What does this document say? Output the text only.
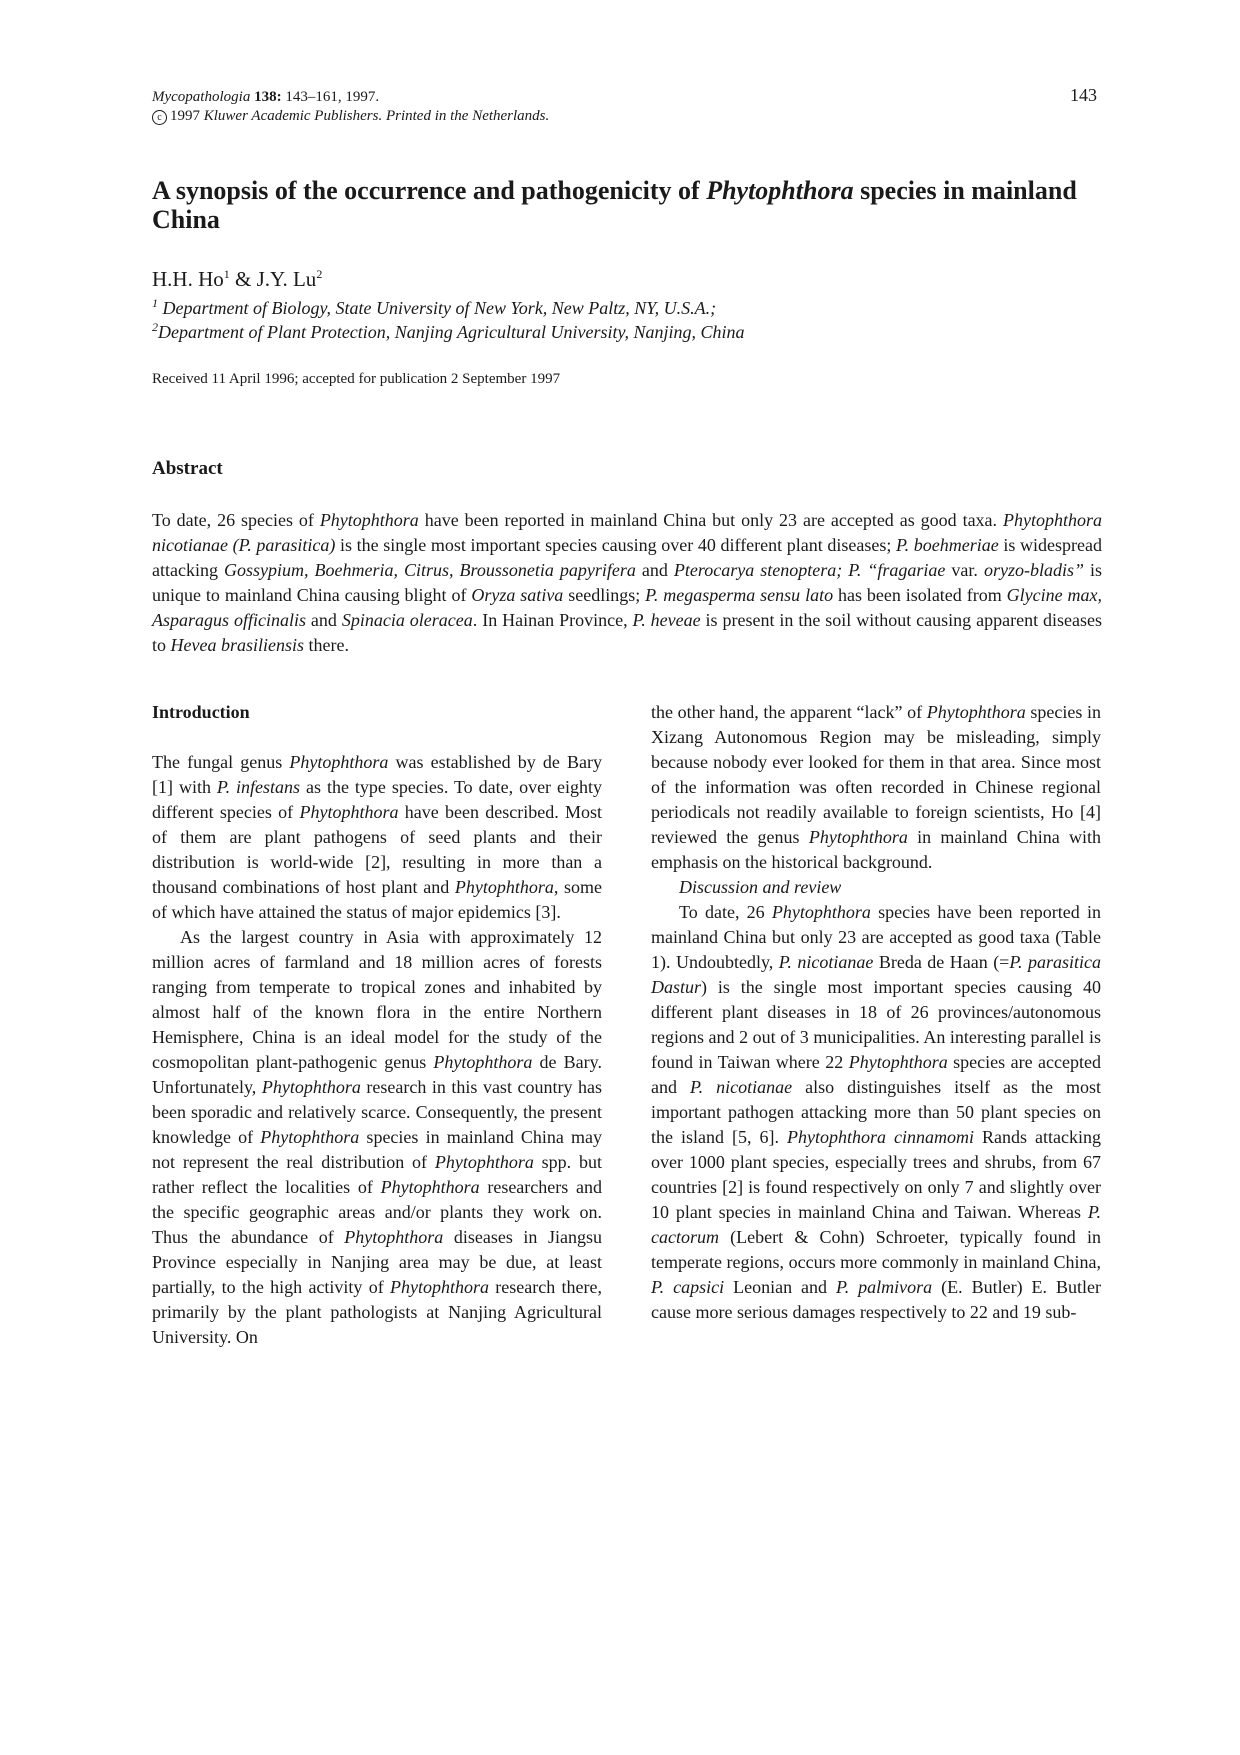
Mycopathologia 138: 143–161, 1997.
c 1997 Kluwer Academic Publishers. Printed in the Netherlands.
143
A synopsis of the occurrence and pathogenicity of Phytophthora species in mainland China
H.H. Ho$^1$ & J.Y. Lu$^2$
$^1$ Department of Biology, State University of New York, New Paltz, NY, U.S.A.;
$^2$Department of Plant Protection, Nanjing Agricultural University, Nanjing, China
Received 11 April 1996; accepted for publication 2 September 1997
Abstract

To date, 26 species of Phytophthora have been reported in mainland China but only 23 are accepted as good taxa. Phytophthora nicotianae (P. parasitica) is the single most important species causing over 40 different plant diseases; P. boehmeriae is widespread attacking Gossypium, Boehmeria, Citrus, Broussonetia papyrifera and Pterocarya stenoptera; P. “fragariae var. oryzo-bladis” is unique to mainland China causing blight of Oryza sativa seedlings; P. megasperma sensu lato has been isolated from Glycine max, Asparagus officinalis and Spinacia oleracea. In Hainan Province, P. heveae is present in the soil without causing apparent diseases to Hevea brasiliensis there.

Introduction

The fungal genus Phytophthora was established by de Bary [1] with P. infestans as the type species. To date, over eighty different species of Phytophthora have been described. Most of them are plant pathogens of seed plants and their distribution is world-wide [2], resulting in more than a thousand combinations of host plant and Phytophthora, some of which have attained the status of major epidemics [3].

As the largest country in Asia with approximately 12 million acres of farmland and 18 million acres of forests ranging from temperate to tropical zones and inhabited by almost half of the known flora in the entire Northern Hemisphere, China is an ideal model for the study of the cosmopolitan plant-pathogenic genus Phytophthora de Bary. Unfortunately, Phytophthora research in this vast country has been sporadic and relatively scarce. Consequently, the present knowledge of Phytophthora species in mainland China may not represent the real distribution of Phytophthora spp. but rather reflect the localities of Phytophthora researchers and the specific geographic areas and/or plants they work on. Thus the abundance of Phytophthora diseases in Jiangsu Province especially in Nanjing area may be due, at least partially, to the high activity of Phytophthora research there, primarily by the plant pathologists at Nanjing Agricultural University. On

the other hand, the apparent “lack” of Phytophthora species in Xizang Autonomous Region may be misleading, simply because nobody ever looked for them in that area. Since most of the information was often recorded in Chinese regional periodicals not readily available to foreign scientists, Ho [4] reviewed the genus Phytophthora in mainland China with emphasis on the historical background.

Discussion and review

To date, 26 Phytophthora species have been reported in mainland China but only 23 are accepted as good taxa (Table 1). Undoubtedly, P. nicotianae Breda de Haan (=P. parasitica Dastur) is the single most important species causing 40 different plant diseases in 18 of 26 provinces/autonomous regions and 2 out of 3 municipalities. An interesting parallel is found in Taiwan where 22 Phytophthora species are accepted and P. nicotianae also distinguishes itself as the most important pathogen attacking more than 50 plant species on the island [5, 6]. Phytophthora cinnamomi Rands attacking over 1000 plant species, especially trees and shrubs, from 67 countries [2] is found respectively on only 7 and slightly over 10 plant species in mainland China and Taiwan. Whereas P. cactorum (Lebert & Cohn) Schroeter, typically found in temperate regions, occurs more commonly in mainland China, P. capsici Leonian and P. palmivora (E. Butler) E. Butler cause more serious damages respectively to 22 and 19 sub-
